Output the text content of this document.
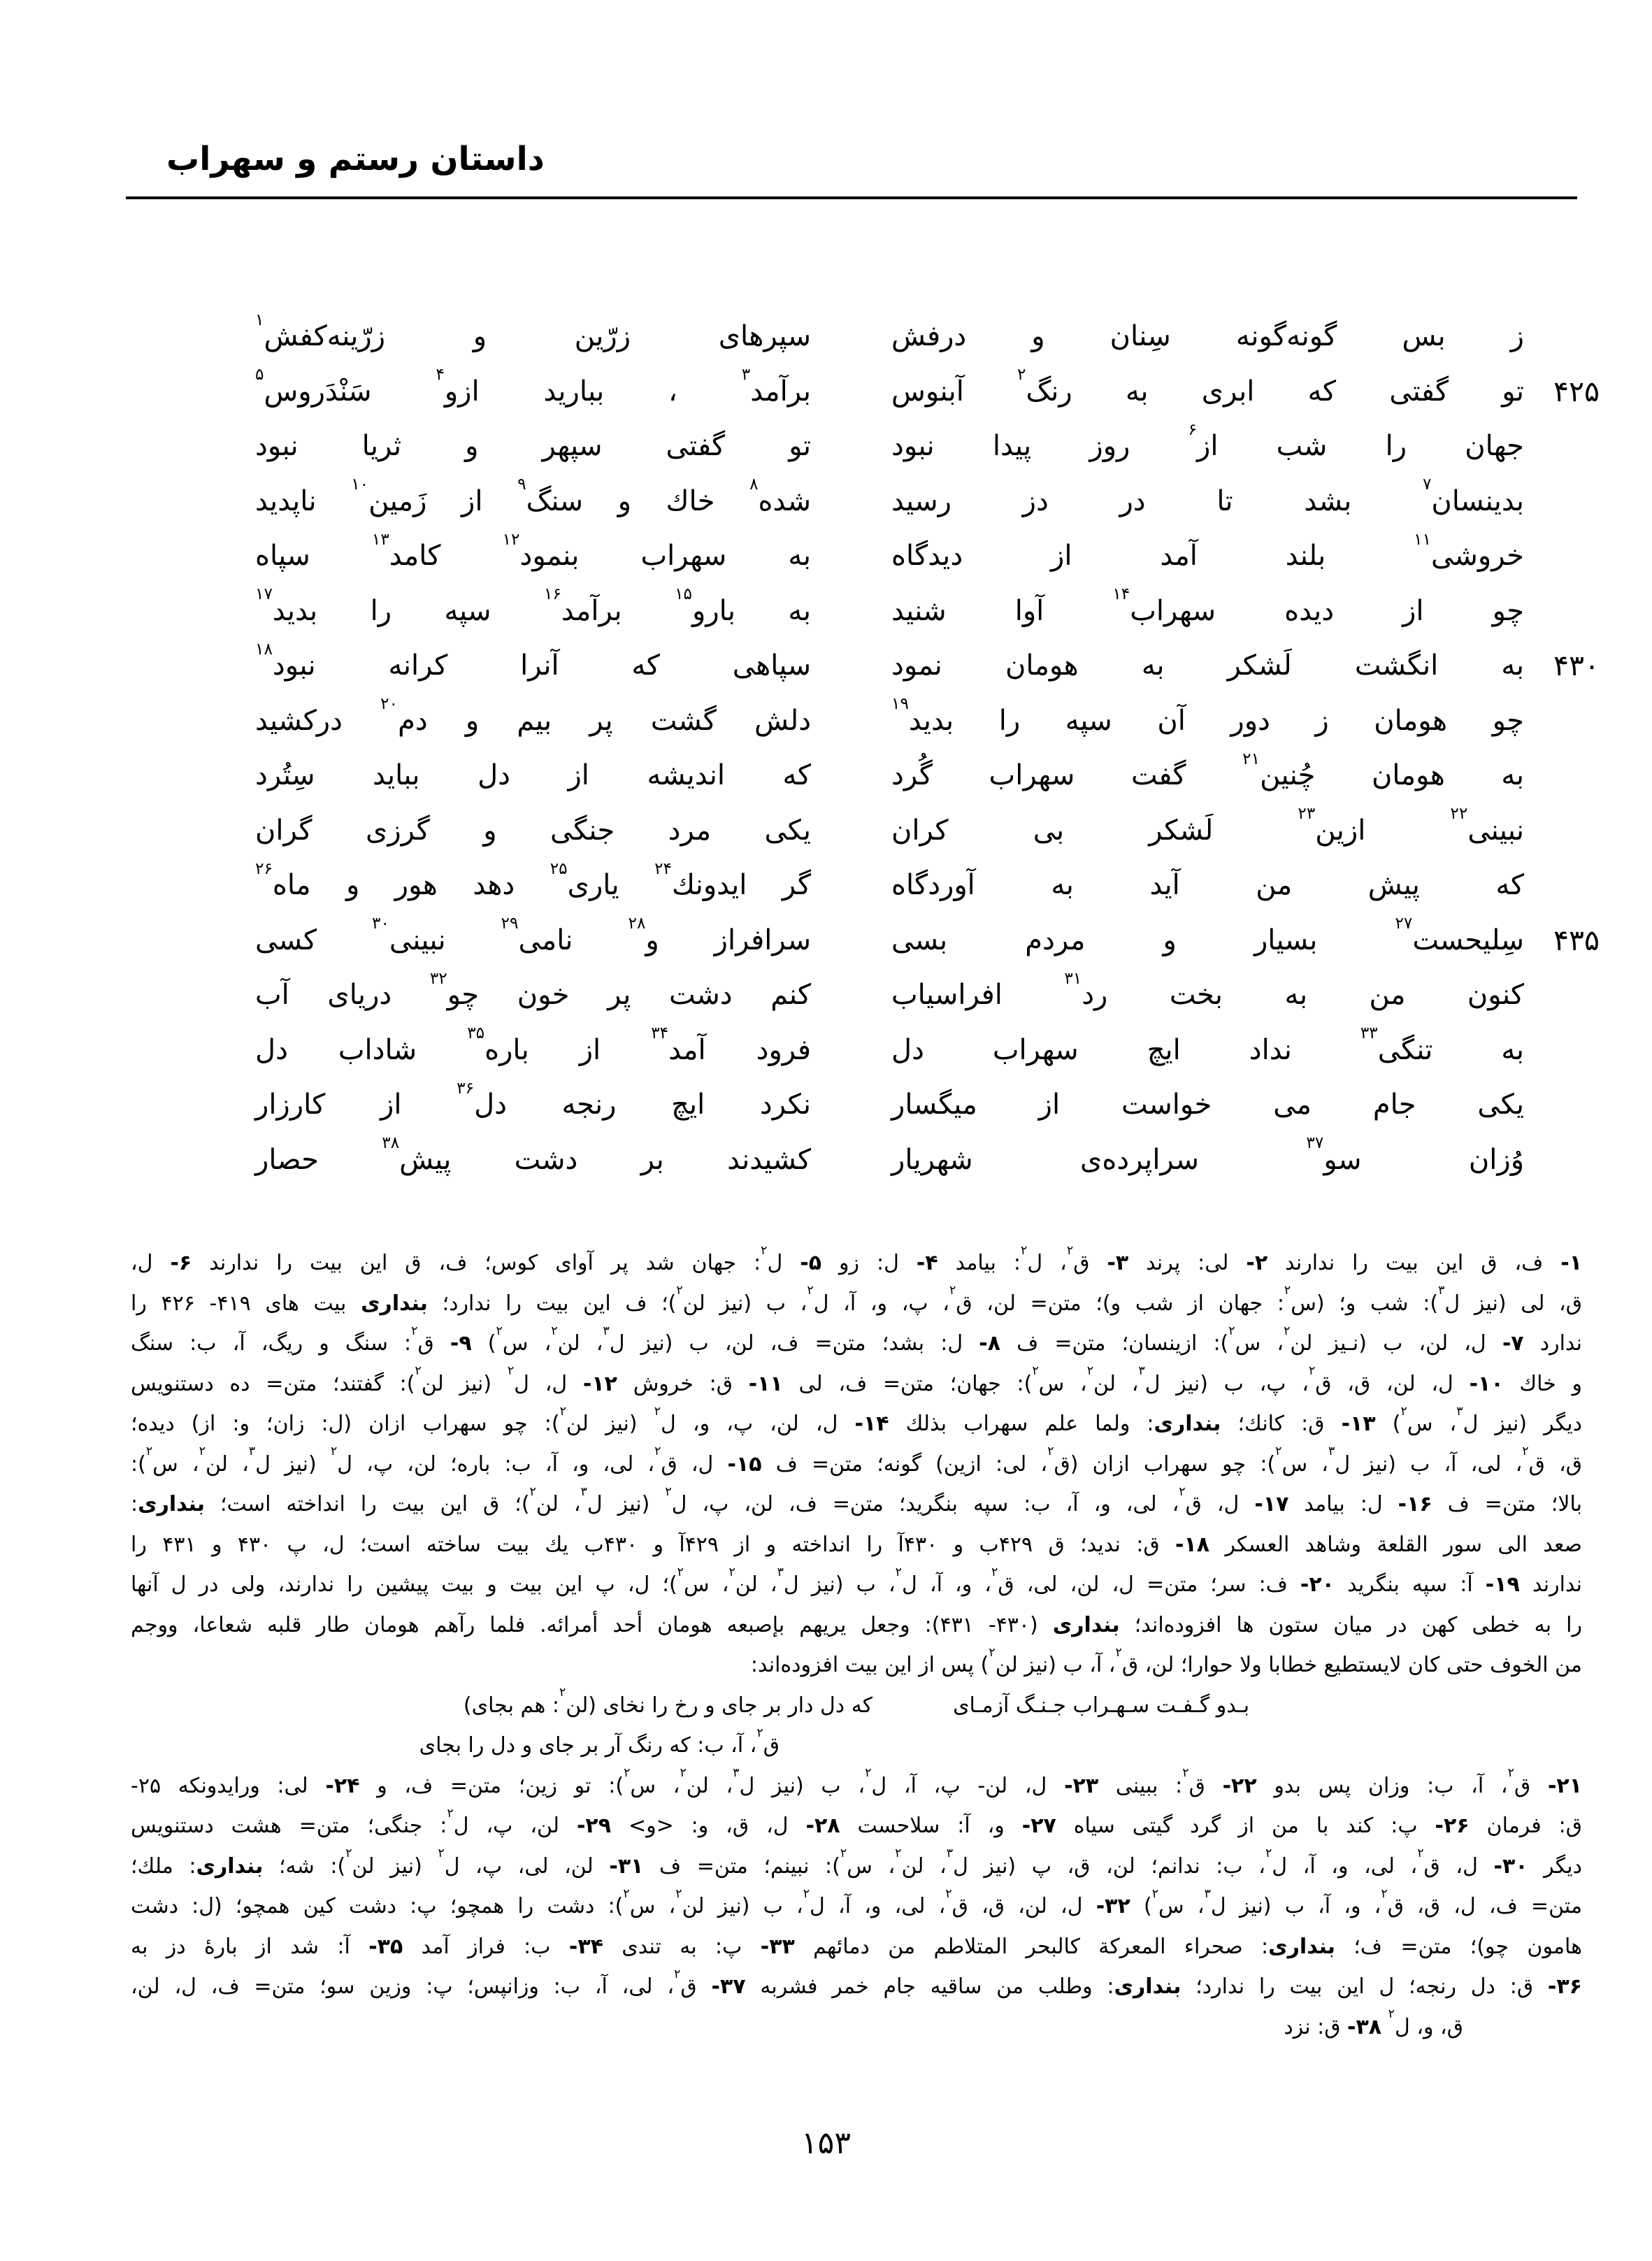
داستان رستم و سهراب
ز بس گونه‌گونه سِنان و درفش
سپرهای زرّین و زرّینه‌کفش$^۱$
۴۲۵
تو گفتی که ابری به رنگ$^۲$ آبنوس
برآمد$^۳$ ، ببارید ازو$^۴$ سَنْدَروس$^۵$
جهان را شب از$^۶$ روز پیدا نبود
تو گفتی سپهر و ثریا نبود
بدینسان$^۷$ بشد تا در دز رسید
شده$^۸$ خاك و سنگ$^۹$ از زَمین$^{۱۰}$ ناپدید
خروشی$^{۱۱}$ بلند آمد از دیدگاه
به سهراب بنمود$^{۱۲}$ کامد$^{۱۳}$ سپاه
چو از دیده سهراب$^{۱۴}$ آوا شنید
به بارو$^{۱۵}$ برآمد$^{۱۶}$ سپه را بدید$^{۱۷}$
۴۳۰
به انگشت لَشکر به هومان نمود
سپاهی که آنرا کرانه نبود$^{۱۸}$
چو هومان ز دور آن سپه را بدید$^{۱۹}$
دلش گشت پر بیم و دم$^{۲۰}$ درکشید
به هومان چُنین$^{۲۱}$ گفت سهراب گُرد
که اندیشه از دل بباید سِتُرد
نبینی$^{۲۲}$ ازین$^{۲۳}$ لَشکر بی کران
یکی مرد جنگی و گرزی گران
که پیش من آید به آوردگاه
گر ایدونك$^{۲۴}$ یاری$^{۲۵}$ دهد هور و ماه$^{۲۶}$
۴۳۵
سِلیحست$^{۲۷}$ بسیار و مردم بسی
سرافراز و$^{۲۸}$ نامی$^{۲۹}$ نبینی$^{۳۰}$ کسی
کنون من به بخت رد$^{۳۱}$ افراسیاب
کنم دشت پر خون چو$^{۳۲}$ دریای آب
به تنگی$^{۳۳}$ نداد ایچ سهراب دل
فرود آمد$^{۳۴}$ از باره$^{۳۵}$ شاداب دل
یکی جام می خواست از میگسار
نکرد ایچ رنجه دل$^{۳۶}$ از کارزار
وُزان سو$^{۳۷}$ سراپرده‌ی شهریار
کشیدند بر دشت پیش$^{۳۸}$ حصار
۱- ف، ق این بیت را ندارند ۲- لی: پرند ۳- ق$^۲$، ل$^۲$: بیامد ۴- ل: زو ۵- ل$^۲$: جهان شد پر آوای کوس؛ ف، ق این بیت را ندارند ۶- ل،
ق، لی (نیز ل$^۳$): شب و؛ (س$^۲$: جهان از شب و)؛ متن= لن، ق$^۲$، پ، و، آ، ل$^۲$، ب (نیز لن$^۲$)؛ ف این بیت را ندارد؛ بنداری بیت های ۴۱۹- ۴۲۶ را
ندارد ۷- ل، لن، ب (نـیز لن$^۲$، س$^۲$): ازینسان؛ متن= ف ۸- ل: بشد؛ متن= ف، لن، ب (نیز ل$^۳$، لن$^۲$، س$^۲$) ۹- ق$^۲$: سنگ و ریگ، آ، ب: سنگ
و خاك ۱۰- ل، لن، ق، ق$^۲$، پ، ب (نیز ل$^۳$، لن$^۲$، س$^۲$): جهان؛ متن= ف، لی ۱۱- ق: خروش ۱۲- ل، ل$^۲$ (نیز لن$^۲$): گفتند؛ متن= ده دستنویس
دیگر (نیز ل$^۳$، س$^۲$) ۱۳- ق: کانك؛ بنداری: ولما علم سهراب بذلك ۱۴- ل، لن، پ، و، ل$^۲$ (نیز لن$^۲$): چو سهراب ازان (ل: زان؛ و: از) دیده؛
ق، ق$^۲$، لی، آ، ب (نیز ل$^۳$، س$^۲$): چو سهراب ازان (ق$^۲$، لی: ازین) گونه؛ متن= ف ۱۵- ل، ق$^۲$، لی، و، آ، ب: باره؛ لن، پ، ل$^۲$ (نیز ل$^۳$، لن$^۲$، س$^۲$):
بالا؛ متن= ف ۱۶- ل: بیامد ۱۷- ل، ق$^۲$، لی، و، آ، ب: سپه بنگرید؛ متن= ف، لن، پ، ل$^۲$ (نیز ل$^۳$، لن$^۲$)؛ ق این بیت را انداخته است؛ بنداری:
صعد الی سور القلعة وشاهد العسکر ۱۸- ق: ندید؛ ق ۴۲۹ب و ۴۳۰آ را انداخته و از ۴۲۹آ و ۴۳۰ب یك بیت ساخته است؛ ل، پ ۴۳۰ و ۴۳۱ را
ندارند ۱۹- آ: سپه بنگرید ۲۰- ف: سر؛ متن= ل، لن، لی، ق$^۲$، و، آ، ل$^۲$، ب (نیز ل$^۳$، لن$^۲$، س$^۲$)؛ ل، پ این بیت و بیت پیشین را ندارند، ولی در ل آنها
را به خطی کهن در میان ستون ها افزوده‌اند؛ بنداری (۴۳۰- ۴۳۱): وجعل یریهم بإصبعه هومان أحد أمرائه. فلما رآهم هومان طار قلبه شعاعا، ووجم
من الخوف حتی کان لایستطیع خطابا ولا حوارا؛ لن، ق$^۲$، آ، ب (نیز لن$^۲$) پس از این بیت افزوده‌اند:
بـدو گـفـت سـهـراب جـنـگ آزمـای
که دل دار بر جای و رخ را نخای (لن$^۲$: هم بجای)
ق$^۲$، آ، ب: که رنگ آر بر جای و دل را بجای
۲۱- ق$^۲$، آ، ب: وزان پس بدو ۲۲- ق$^۲$: ببینی ۲۳- ل، لن- پ، آ، ل$^۲$، ب (نیز ل$^۳$، لن$^۲$، س$^۲$): تو زین؛ متن= ف، و ۲۴- لی: ورایدونکه ۲۵-
ق: فرمان ۲۶- پ: کند با من از گرد گیتی سیاه ۲۷- و، آ: سلاحست ۲۸- ل، ق، و: <و> ۲۹- لن، پ، ل$^۲$: جنگی؛ متن= هشت دستنویس
دیگر ۳۰- ل، ق$^۲$، لی، و، آ، ل$^۲$، ب: ندانم؛ لن، ق، پ (نیز ل$^۳$، لن$^۲$، س$^۲$): نبینم؛ متن= ف ۳۱- لن، لی، پ، ل$^۲$ (نیز لن$^۲$): شه؛ بنداری: ملك؛
متن= ف، ل، ق، ق$^۲$، و، آ، ب (نیز ل$^۳$، س$^۲$) ۳۲- ل، لن، ق، ق$^۲$، لی، و، آ، ل$^۲$، ب (نیز لن$^۲$، س$^۲$): دشت را همچو؛ پ: دشت کین همچو؛ (ل: دشت
هامون چو)؛ متن= ف؛ بنداری: صحراء المعرکة کالبحر المتلاطم من دمائهم ۳۳- پ: به تندی ۳۴- ب: فراز آمد ۳۵- آ: شد از بارهٔ دز به
۳۶- ق: دل رنجه؛ ل این بیت را ندارد؛ بنداری: وطلب من ساقیه جام خمر فشربه ۳۷- ق$^۲$، لی، آ، ب: وزانپس؛ پ: وزین سو؛ متن= ف، ل، لن،
ق، و، ل$^۲$ ۳۸- ق: نزد
۱۵۳
